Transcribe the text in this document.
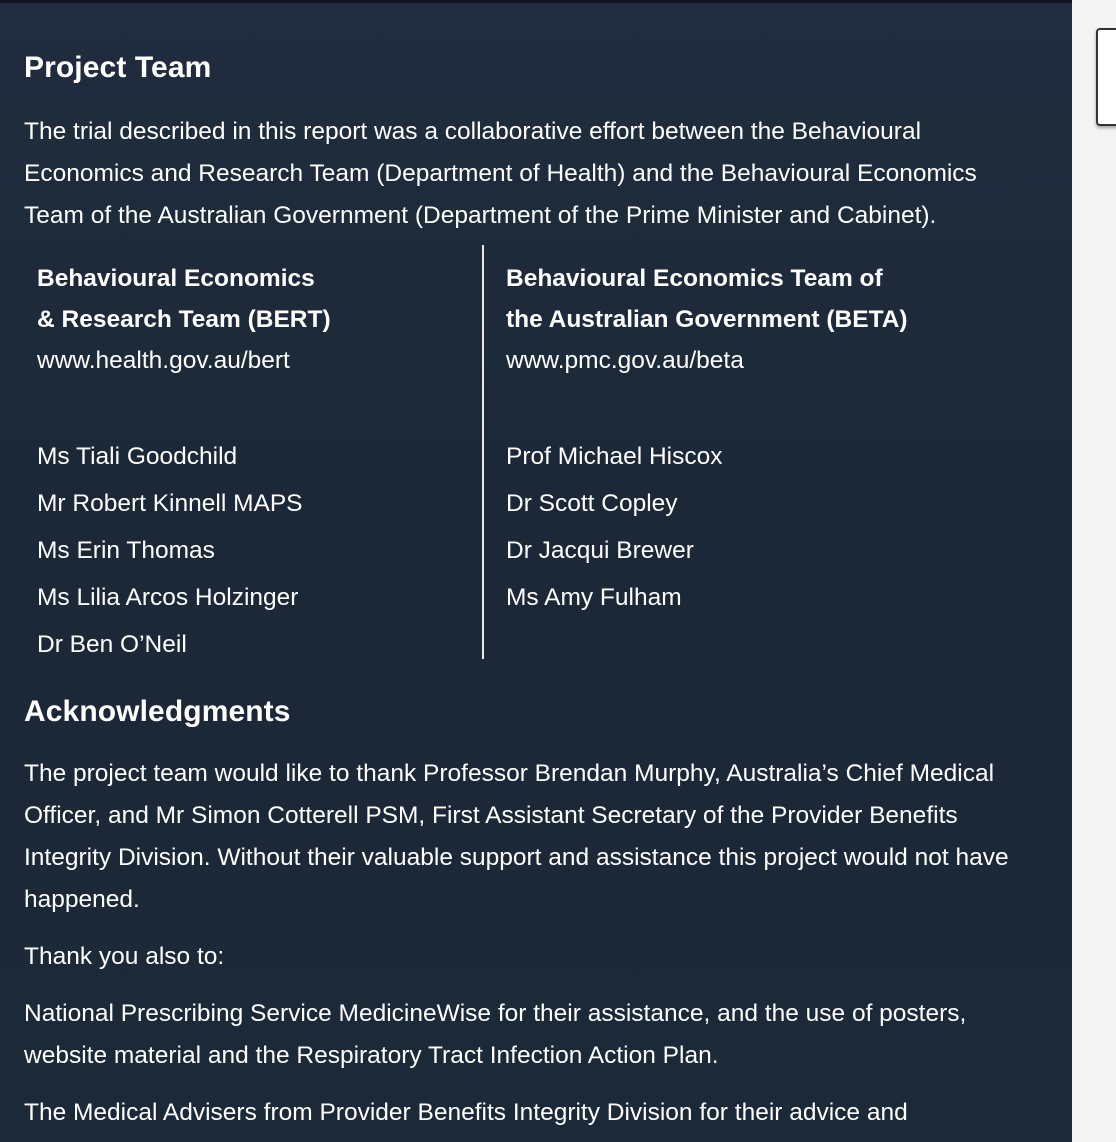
Project Team
The trial described in this report was a collaborative effort between the Behavioural
Economics and Research Team (Department of Health) and the Behavioural Economics
Team of the Australian Government (Department of the Prime Minister and Cabinet).

Behavioural Economics

& Research Team (BERT)

www.health.gov.au/bert

Ms Tiali Goodchild
Mr Robert Kinnell MAPS
Ms Erin Thomas
Ms Lilia Arcos Holzinger
Dr Ben O’Neil

Behavioural Economics Team of

the Australian Government (BETA)

www.pmc.gov.au/beta

Prof Michael Hiscox
Dr Scott Copley
Dr Jacqui Brewer
Ms Amy Fulham
Acknowledgments
The project team would like to thank Professor Brendan Murphy, Australia’s Chief Medical
Officer, and Mr Simon Cotterell PSM, First Assistant Secretary of the Provider Benefits
Integrity Division. Without their valuable support and assistance this project would not have
happened.
Thank you also to:
National Prescribing Service MedicineWise for their assistance, and the use of posters,
website material and the Respiratory Tract Infection Action Plan.
The Medical Advisers from Provider Benefits Integrity Division for their advice and
